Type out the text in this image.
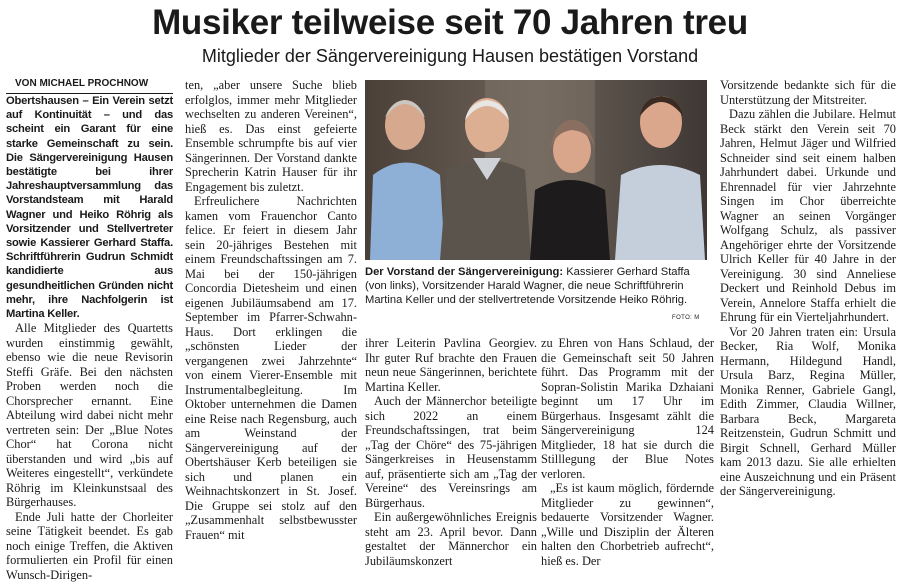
Musiker teilweise seit 70 Jahren treu
Mitglieder der Sängervereinigung Hausen bestätigen Vorstand

VON MICHAEL PROCHNOW

Obertshausen – Ein Verein setzt auf Kontinuität – und das scheint ein Garant für eine starke Gemeinschaft zu sein. Die Sängervereinigung Hausen bestätigte bei ihrer Jahreshauptversammlung das Vorstandsteam mit Harald Wagner und Heiko Röhrig als Vorsitzender und Stellvertreter sowie Kassierer Gerhard Staffa. Schriftführerin Gudrun Schmidt kandidierte aus gesundheitlichen Gründen nicht mehr, ihre Nachfolgerin ist Martina Keller.

Alle Mitglieder des Quartetts wurden einstimmig gewählt, ebenso wie die neue Revisorin Steffi Gräfe. Bei den nächsten Proben werden noch die Chorsprecher ernannt. Eine Abteilung wird dabei nicht mehr vertreten sein: Der „Blue Notes Chor“ hat Corona nicht überstanden und wird „bis auf Weiteres eingestellt“, verkündete Röhrig im Kleinkunstsaal des Bürgerhauses.

Ende Juli hatte der Chorleiter seine Tätigkeit beendet. Es gab noch einige Treffen, die Aktiven formulierten ein Profil für einen Wunsch-Dirigen-

ten, „aber unsere Suche blieb erfolglos, immer mehr Mitglieder wechselten zu anderen Vereinen“, hieß es. Das einst gefeierte Ensemble schrumpfte bis auf vier Sängerinnen. Der Vorstand dankte Sprecherin Katrin Hauser für ihr Engagement bis zuletzt.

Erfreulichere Nachrichten kamen vom Frauenchor Canto felice. Er feiert in diesem Jahr sein 20-jähriges Bestehen mit einem Freundschaftssingen am 7. Mai bei der 150-jährigen Concordia Dietesheim und einen eigenen Jubiläumsabend am 17. September im Pfarrer-Schwahn-Haus. Dort erklingen die „schönsten Lieder der vergangenen zwei Jahrzehnte“ von einem Vierer-Ensemble mit Instrumentalbegleitung. Im Oktober unternehmen die Damen eine Reise nach Regensburg, auch am Weinstand der Sängervereinigung auf der Obertshäuser Kerb beteiligen sie sich und planen ein Weihnachtskonzert in St. Josef. Die Gruppe sei stolz auf den „Zusammenhalt selbstbewusster Frauen“ mit

Der Vorstand der Sängervereinigung: Kassierer Gerhard Staffa (von links), Vorsitzender Harald Wagner, die neue Schriftführerin Martina Keller und der stellvertretende Vorsitzende Heiko Röhrig.
FOTO: M

ihrer Leiterin Pavlina Georgiev. Ihr guter Ruf brachte den Frauen neun neue Sängerinnen, berichtete Martina Keller.

Auch der Männerchor beteiligte sich 2022 an einem Freundschaftssingen, trat beim „Tag der Chöre“ des 75-jährigen Sängerkreises in Heusenstamm auf, präsentierte sich am „Tag der Vereine“ des Vereinsrings am Bürgerhaus.

Ein außergewöhnliches Ereignis steht am 23. April bevor. Dann gestaltet der Männerchor ein Jubiläumskonzert

zu Ehren von Hans Schlaud, der die Gemeinschaft seit 50 Jahren führt. Das Programm mit der Sopran-Solistin Marika Dzhaiani beginnt um 17 Uhr im Bürgerhaus. Insgesamt zählt die Sängervereinigung 124 Mitglieder, 18 hat sie durch die Stilllegung der Blue Notes verloren.

„Es ist kaum möglich, fördernde Mitglieder zu gewinnen“, bedauerte Vorsitzender Wagner. „Wille und Disziplin der Älteren halten den Chorbetrieb aufrecht“, hieß es. Der

Vorsitzende bedankte sich für die Unterstützung der Mitstreiter.

Dazu zählen die Jubilare. Helmut Beck stärkt den Verein seit 70 Jahren, Helmut Jäger und Wilfried Schneider sind seit einem halben Jahrhundert dabei. Urkunde und Ehrennadel für vier Jahrzehnte Singen im Chor überreichte Wagner an seinen Vorgänger Wolfgang Schulz, als passiver Angehöriger ehrte der Vorsitzende Ulrich Keller für 40 Jahre in der Vereinigung. 30 sind Anneliese Deckert und Reinhold Debus im Verein, Annelore Staffa erhielt die Ehrung für ein Vierteljahrhundert.

Vor 20 Jahren traten ein: Ursula Becker, Ria Wolf, Monika Hermann, Hildegund Handl, Ursula Barz, Regina Müller, Monika Renner, Gabriele Gangl, Edith Zimmer, Claudia Willner, Barbara Beck, Margareta Reitzenstein, Gudrun Schmitt und Birgit Schnell, Gerhard Müller kam 2013 dazu. Sie alle erhielten eine Auszeichnung und ein Präsent der Sängervereinigung.
